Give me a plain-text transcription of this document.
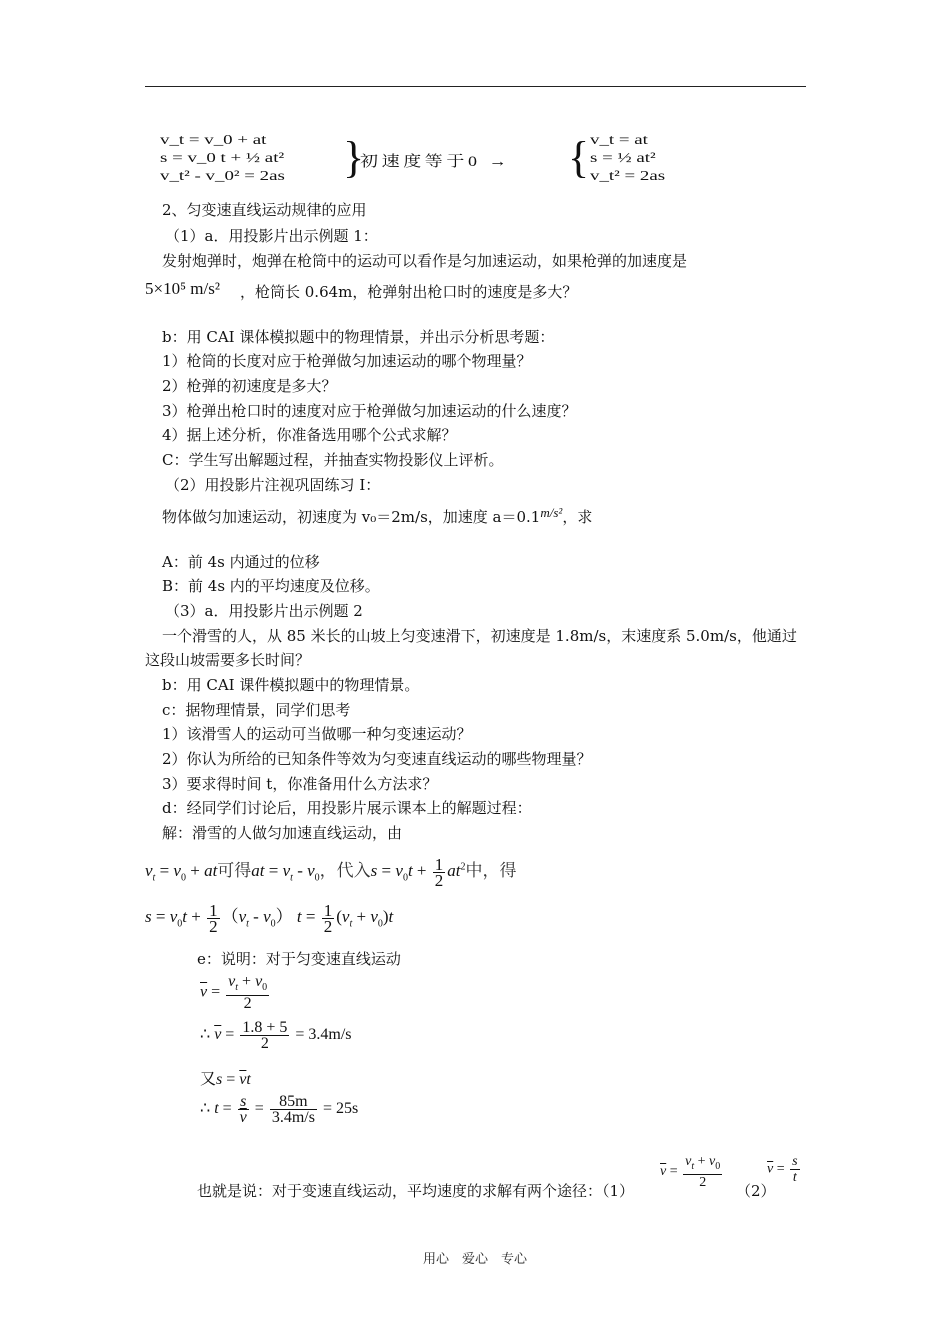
v_t = v_0 + at
s = v_0 t + ½ at²
v_t² - v_0² = 2as }
初速度等于0 → { v_t = at
s = ½ at²
v_t² = 2as
2、匀变速直线运动规律的应用
（1）a．用投影片出示例题 1：
发射炮弹时，炮弹在枪筒中的运动可以看作是匀加速运动，如果枪弹的加速度是
5×10⁵ m/s² ，枪筒长 0.64m，枪弹射出枪口时的速度是多大？
b：用 CAI 课体模拟题中的物理情景，并出示分析思考题：
1）枪筒的长度对应于枪弹做匀加速运动的哪个物理量？
2）枪弹的初速度是多大？
3）枪弹出枪口时的速度对应于枪弹做匀加速运动的什么速度？
4）据上述分析，你准备选用哪个公式求解？
C：学生写出解题过程，并抽查实物投影仪上评析。
（2）用投影片注视巩固练习 I：
物体做匀加速运动，初速度为 v₀＝2m/s，加速度 a＝0.1m/s²，求
A：前 4s 内通过的位移
B：前 4s 内的平均速度及位移。
（3）a．用投影片出示例题 2
一个滑雪的人，从 85 米长的山坡上匀变速滑下，初速度是 1.8m/s，末速度系 5.0m/s，他通过
这段山坡需要多长时间？
b：用 CAI 课件模拟题中的物理情景。
c：据物理情景，同学们思考
1）该滑雪人的运动可当做哪一种匀变速运动？
2）你认为所给的已知条件等效为匀变速直线运动的哪些物理量？
3）要求得时间 t，你准备用什么方法求？
d：经同学们讨论后，用投影片展示课本上的解题过程：
解：滑雪的人做匀加速直线运动，由
$v_t = v_0$ + at可得at = $v_t - v_0$，代入$s = v_0t + \frac{1}{2} at^2$中，得
$s = v_0t + \frac{1}{2} (v_t - v_0) t = \frac{1}{2} (v_t + v_0)t$
e：说明：对于匀变速直线运动
$\overline{v} = \frac{v_t + v_0}{2}$
∴ $\overline{v} = \frac{1.8 + 5}{2} = 3.4m/s$
又$s = \overline{v}t$
∴ $t = \frac{s}{v} = \frac{85m}{3.4m/s} = 25s$
也就是说：对于变速直线运动，平均速度的求解有两个途径：（1）
$\overline{v} = \frac{v_t + v_0}{2}$
（2）
$\overline{v} = \frac{s}{t}$
用心　爱心　专心
